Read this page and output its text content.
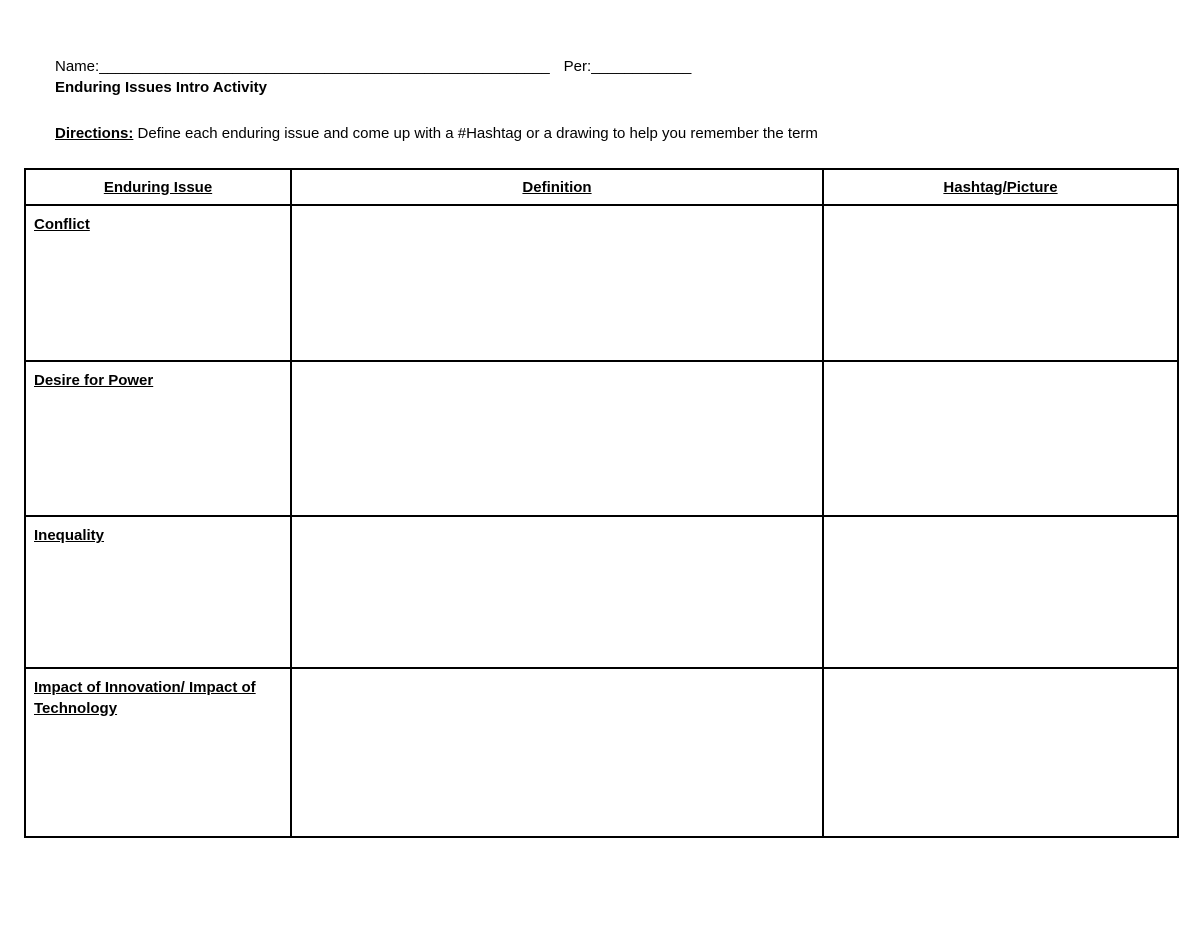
Name:______________________________________________________ Per:____________
Enduring Issues Intro Activity
Directions: Define each enduring issue and come up with a #Hashtag or a drawing to help you remember the term
Enduring Issue	Definition	Hashtag/Picture

Conflict		

Desire for Power		

Inequality		

Impact of Innovation/ Impact of Technology		
